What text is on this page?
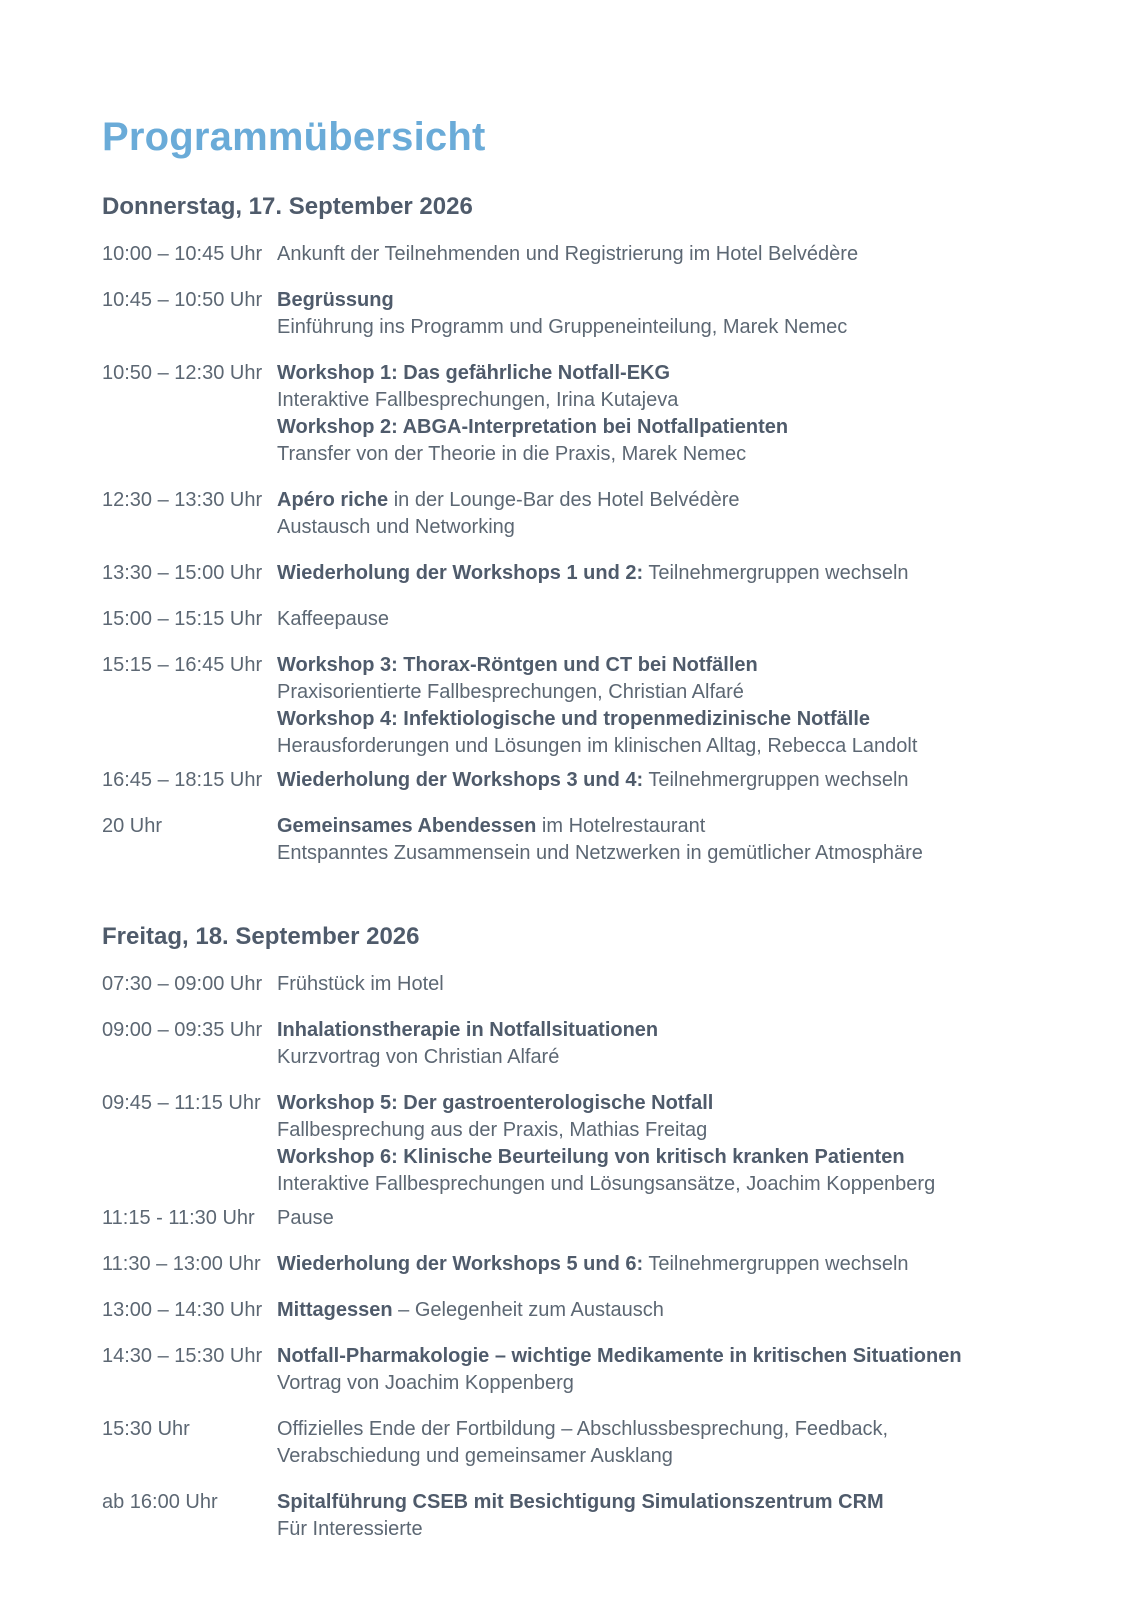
Programmübersicht
Donnerstag, 17. September 2026
10:00 – 10:45 Uhr Ankunft der Teilnehmenden und Registrierung im Hotel Belvédère
10:45 – 10:50 Uhr Begrüssung
Einführung ins Programm und Gruppeneinteilung, Marek Nemec
10:50 – 12:30 Uhr Workshop 1: Das gefährliche Notfall-EKG
Interaktive Fallbesprechungen, Irina Kutajeva
Workshop 2: ABGA-Interpretation bei Notfallpatienten
Transfer von der Theorie in die Praxis, Marek Nemec
12:30 – 13:30 Uhr Apéro riche in der Lounge-Bar des Hotel Belvédère
Austausch und Networking
13:30 – 15:00 Uhr Wiederholung der Workshops 1 und 2: Teilnehmergruppen wechseln
15:00 – 15:15 Uhr Kaffeepause
15:15 – 16:45 Uhr Workshop 3: Thorax-Röntgen und CT bei Notfällen
Praxisorientierte Fallbesprechungen, Christian Alfaré
Workshop 4: Infektiologische und tropenmedizinische Notfälle
Herausforderungen und Lösungen im klinischen Alltag, Rebecca Landolt
16:45 – 18:15 Uhr Wiederholung der Workshops 3 und 4: Teilnehmergruppen wechseln
20 Uhr	Gemeinsames Abendessen im Hotelrestaurant
Entspanntes Zusammensein und Netzwerken in gemütlicher Atmosphäre
Freitag, 18. September 2026
07:30 – 09:00 Uhr Frühstück im Hotel
09:00 – 09:35 Uhr Inhalationstherapie in Notfallsituationen
Kurzvortrag von Christian Alfaré
09:45 – 11:15 Uhr Workshop 5: Der gastroenterologische Notfall
Fallbesprechung aus der Praxis, Mathias Freitag
Workshop 6: Klinische Beurteilung von kritisch kranken Patienten
Interaktive Fallbesprechungen und Lösungsansätze, Joachim Koppenberg
11:15 - 11:30 Uhr	Pause
11:30 – 13:00 Uhr Wiederholung der Workshops 5 und 6: Teilnehmergruppen wechseln
13:00 – 14:30 Uhr Mittagessen – Gelegenheit zum Austausch
14:30 – 15:30 Uhr Notfall-Pharmakologie – wichtige Medikamente in kritischen Situationen
Vortrag von Joachim Koppenberg
15:30 Uhr	Offizielles Ende der Fortbildung – Abschlussbesprechung, Feedback,
Verabschiedung und gemeinsamer Ausklang
ab 16:00 Uhr	Spitalführung CSEB mit Besichtigung Simulationszentrum CRM
Für Interessierte
